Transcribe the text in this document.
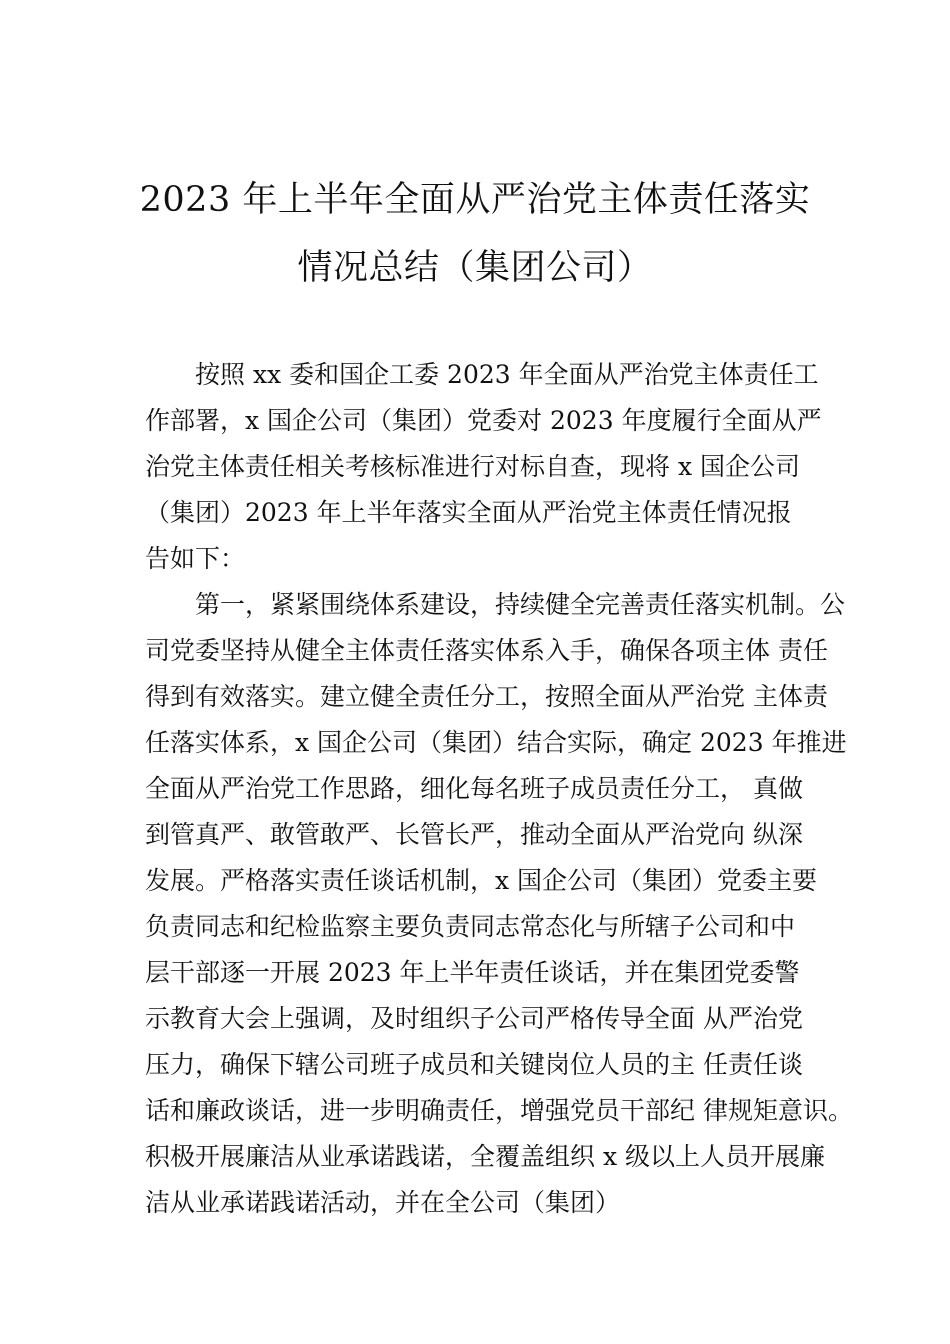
2023 年上半年全面从严治党主体责任落实
情况总结（集团公司）
按照 xx 委和国企工委 2023 年全面从严治党主体责任工
作部署，x 国企公司（集团）党委对 2023 年度履行全面从严
治党主体责任相关考核标准进行对标自查，现将 x 国企公司
（集团）2023 年上半年落实全面从严治党主体责任情况报
告如下：
第一，紧紧围绕体系建设，持续健全完善责任落实机制。公
司党委坚持从健全主体责任落实体系入手，确保各项主体 责任
得到有效落实。建立健全责任分工，按照全面从严治党 主体责
任落实体系，x 国企公司（集团）结合实际，确定 2023 年推进
全面从严治党工作思路，细化每名班子成员责任分工， 真做
到管真严、敢管敢严、长管长严，推动全面从严治党向 纵深
发展。严格落实责任谈话机制，x 国企公司（集团）党委主要
负责同志和纪检监察主要负责同志常态化与所辖子公司和中
层干部逐一开展 2023 年上半年责任谈话，并在集团党委警
示教育大会上强调，及时组织子公司严格传导全面 从严治党
压力，确保下辖公司班子成员和关键岗位人员的主 任责任谈
话和廉政谈话，进一步明确责任，增强党员干部纪 律规矩意识。
积极开展廉洁从业承诺践诺，全覆盖组织 x 级以上人员开展廉
洁从业承诺践诺活动，并在全公司（集团）
